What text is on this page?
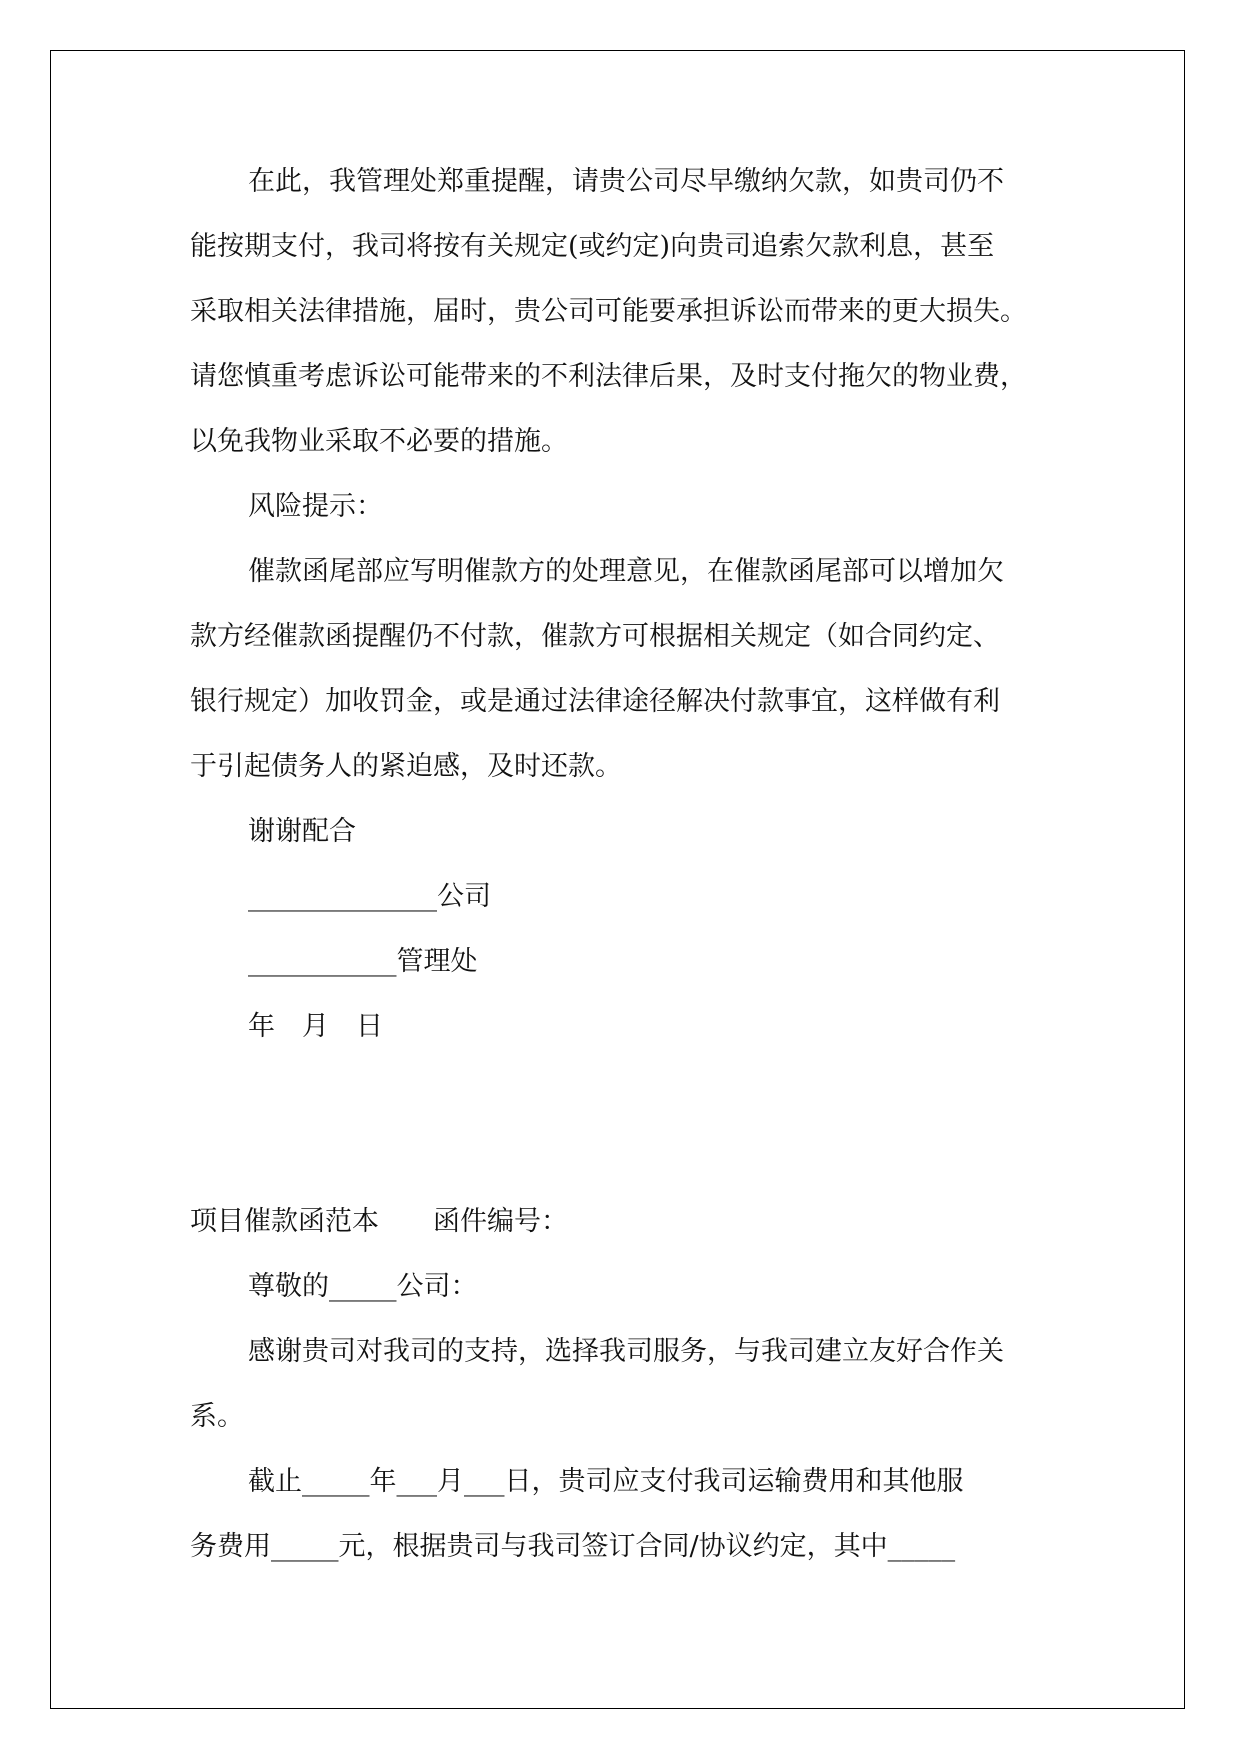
在此，我管理处郑重提醒，请贵公司尽早缴纳欠款，如贵司仍不

能按期支付，我司将按有关规定(或约定)向贵司追索欠款利息，甚至

采取相关法律措施，届时，贵公司可能要承担诉讼而带来的更大损失。

请您慎重考虑诉讼可能带来的不利法律后果，及时支付拖欠的物业费，

以免我物业采取不必要的措施。

风险提示：

催款函尾部应写明催款方的处理意见，在催款函尾部可以增加欠

款方经催款函提醒仍不付款，催款方可根据相关规定（如合同约定、

银行规定）加收罚金，或是通过法律途径解决付款事宜，这样做有利

于引起债务人的紧迫感，及时还款。

谢谢配合

______________公司

___________管理处

年　月　日

项目催款函范本　　函件编号：

尊敬的_____公司：

感谢贵司对我司的支持，选择我司服务，与我司建立友好合作关

系。

截止_____年___月___日，贵司应支付我司运输费用和其他服

务费用_____元，根据贵司与我司签订合同/协议约定，其中_____
